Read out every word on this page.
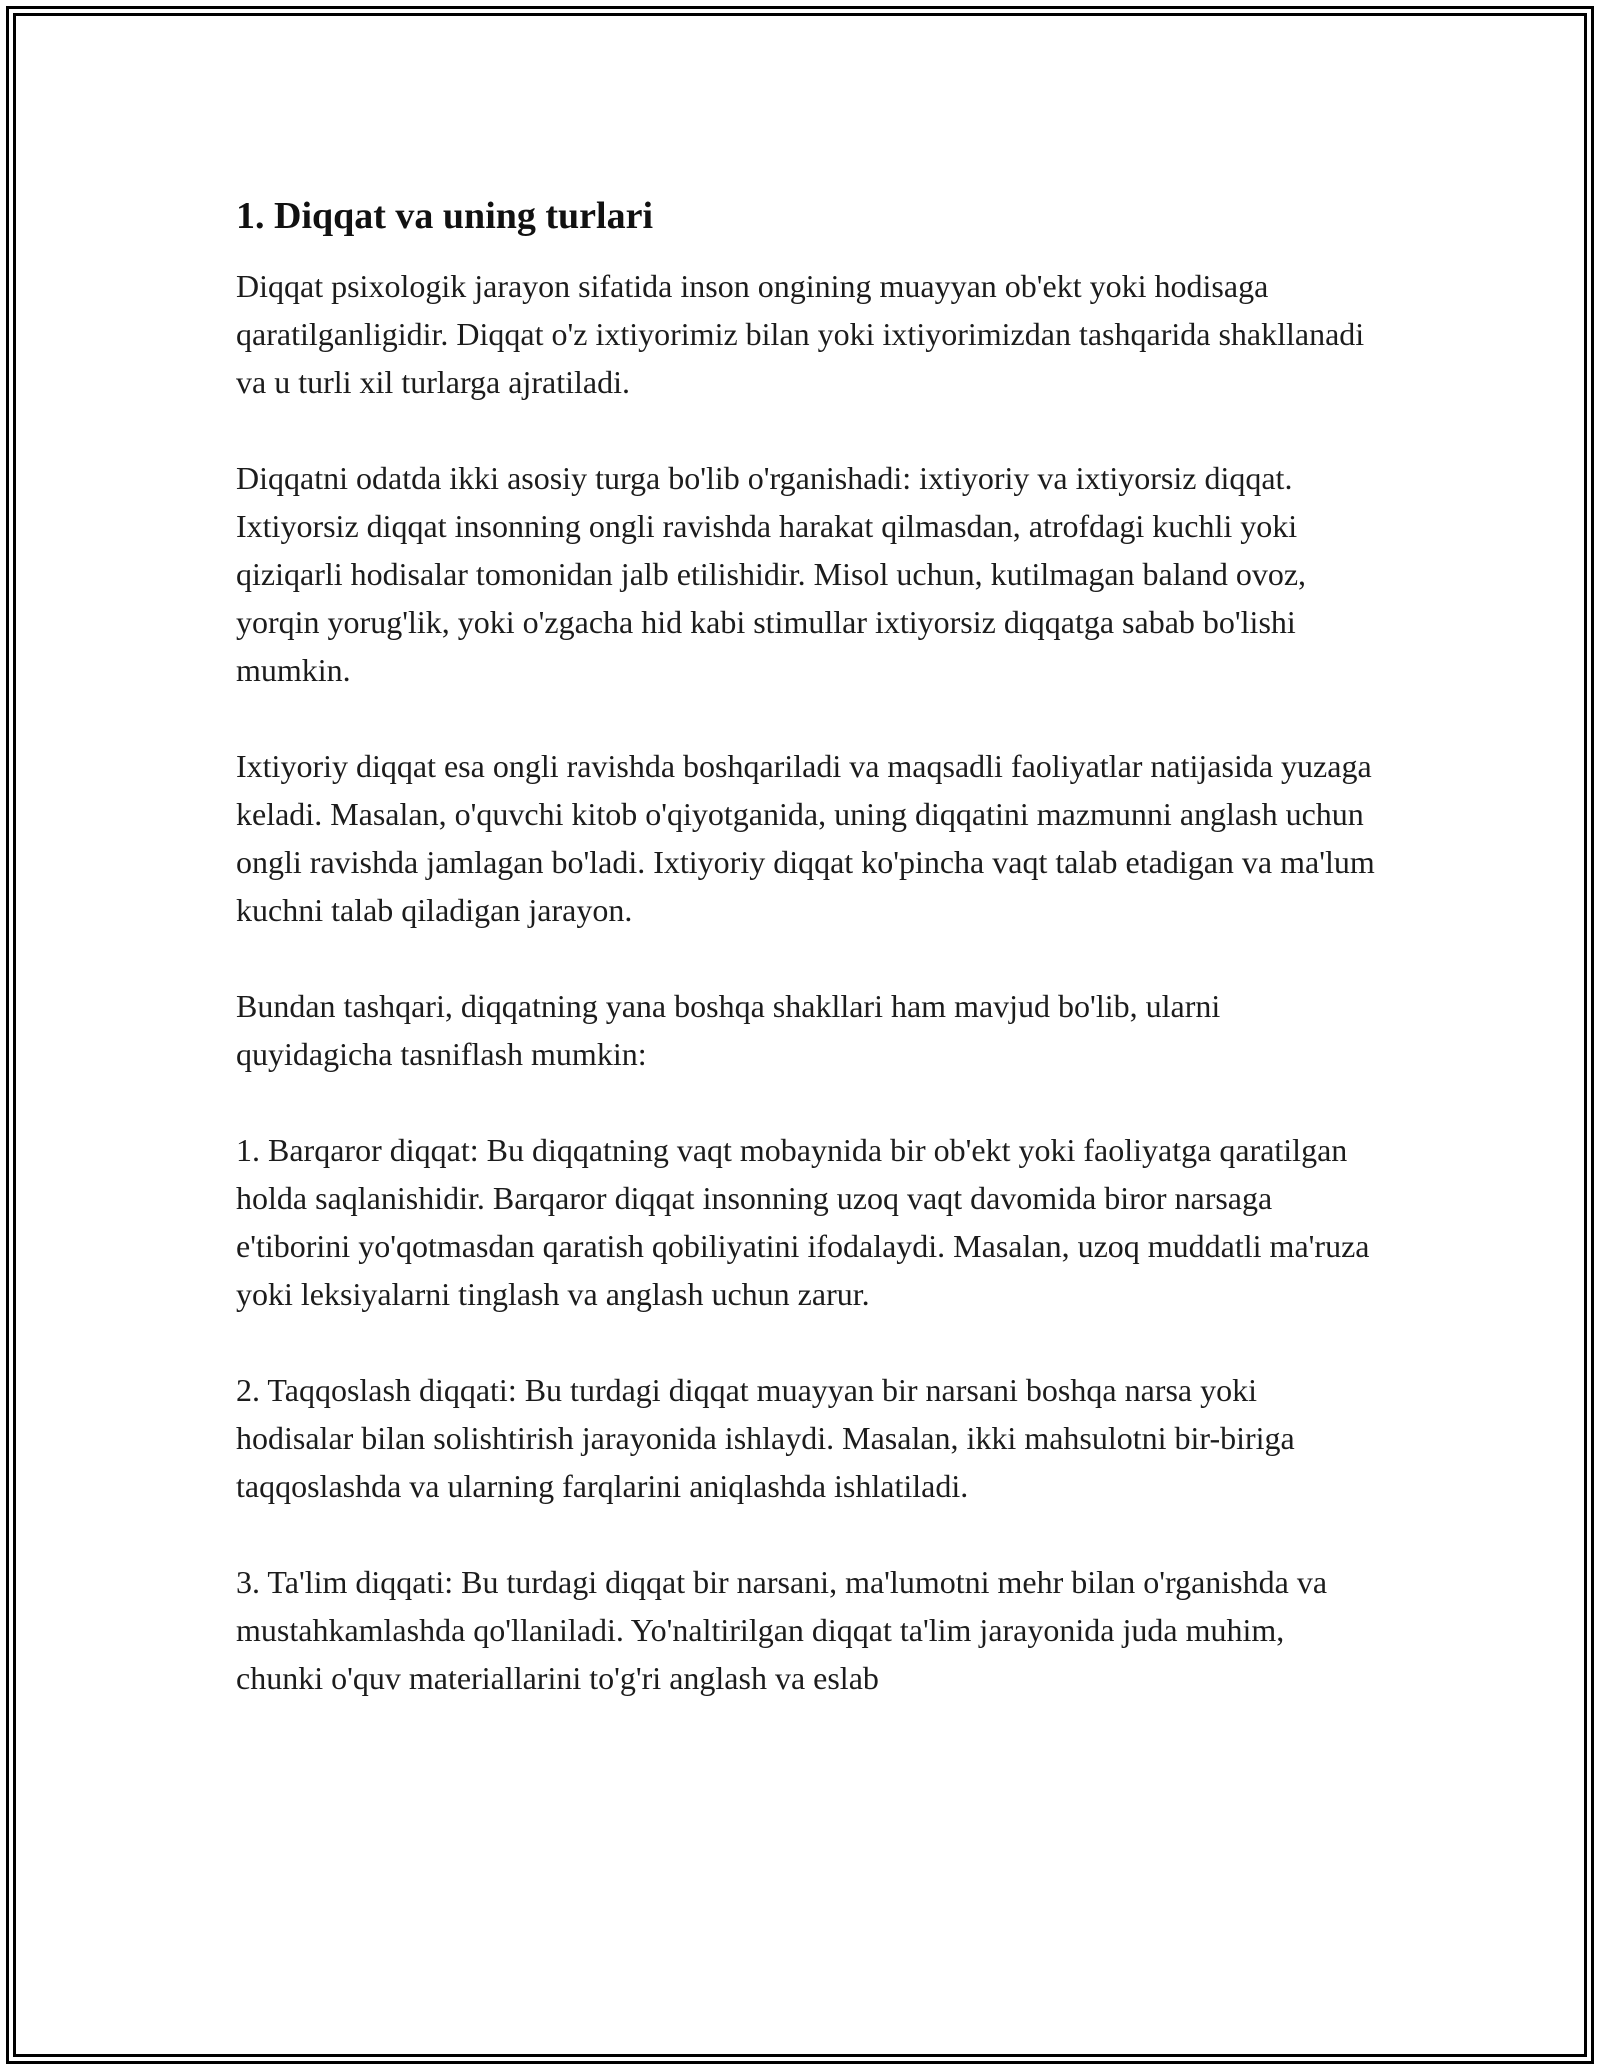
1. Diqqat va uning turlari

Diqqat psixologik jarayon sifatida inson ongining muayyan ob'ekt yoki hodisaga qaratilganligidir. Diqqat o'z ixtiyorimiz bilan yoki ixtiyorimizdan tashqarida shakllanadi va u turli xil turlarga ajratiladi.

Diqqatni odatda ikki asosiy turga bo'lib o'rganishadi: ixtiyoriy va ixtiyorsiz diqqat. Ixtiyorsiz diqqat insonning ongli ravishda harakat qilmasdan, atrofdagi kuchli yoki qiziqarli hodisalar tomonidan jalb etilishidir. Misol uchun, kutilmagan baland ovoz, yorqin yorug'lik, yoki o'zgacha hid kabi stimullar ixtiyorsiz diqqatga sabab bo'lishi mumkin.

Ixtiyoriy diqqat esa ongli ravishda boshqariladi va maqsadli faoliyatlar natijasida yuzaga keladi. Masalan, o'quvchi kitob o'qiyotganida, uning diqqatini mazmunni anglash uchun ongli ravishda jamlagan bo'ladi. Ixtiyoriy diqqat ko'pincha vaqt talab etadigan va ma'lum kuchni talab qiladigan jarayon.

Bundan tashqari, diqqatning yana boshqa shakllari ham mavjud bo'lib, ularni quyidagicha tasniflash mumkin:

1. Barqaror diqqat: Bu diqqatning vaqt mobaynida bir ob'ekt yoki faoliyatga qaratilgan holda saqlanishidir. Barqaror diqqat insonning uzoq vaqt davomida biror narsaga e'tiborini yo'qotmasdan qaratish qobiliyatini ifodalaydi. Masalan, uzoq muddatli ma'ruza yoki leksiyalarni tinglash va anglash uchun zarur.

2. Taqqoslash diqqati: Bu turdagi diqqat muayyan bir narsani boshqa narsa yoki hodisalar bilan solishtirish jarayonida ishlaydi. Masalan, ikki mahsulotni bir-biriga taqqoslashda va ularning farqlarini aniqlashda ishlatiladi.

3. Ta'lim diqqati: Bu turdagi diqqat bir narsani, ma'lumotni mehr bilan o'rganishda va mustahkamlashda qo'llaniladi. Yo'naltirilgan diqqat ta'lim jarayonida juda muhim, chunki o'quv materiallarini to'g'ri anglash va eslab
